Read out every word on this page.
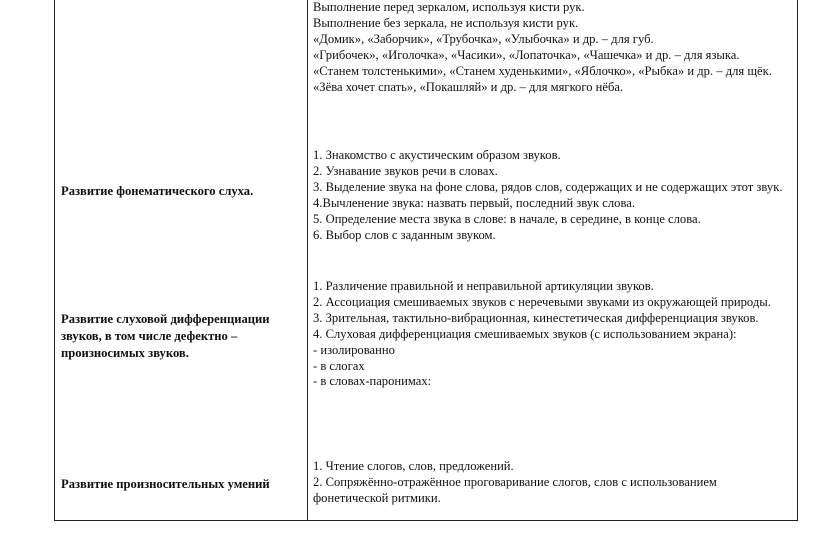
Развитие фонематического слуха.
Развитие слуховой дифференциации звуков, в том числе дефектно –произносимых звуков.
Развитие произносительных умений
Выполнение перед зеркалом, используя кисти рук.
Выполнение без зеркала, не используя кисти рук.
«Домик», «Заборчик», «Трубочка», «Улыбочка» и др. – для губ.
«Грибочек», «Иголочка», «Часики», «Лопаточка», «Чашечка» и др. – для языка.
«Станем толстенькими», «Станем худенькими», «Яблочко», «Рыбка» и др. – для щёк.
«Зёва хочет спать», «Покашляй» и др. – для мягкого нёба.
1. Знакомство с акустическим образом звуков.
2. Узнавание звуков речи в словах.
3. Выделение звука на фоне слова, рядов слов, содержащих и не содержащих этот звук.
4.Вычленение звука: назвать первый, последний звук слова.
5. Определение места звука в слове: в начале, в середине, в конце слова.
6. Выбор слов с заданным звуком.
1. Различение правильной и неправильной артикуляции звуков.
2. Ассоциация смешиваемых звуков с неречевыми звуками из окружающей природы.
3. Зрительная, тактильно-вибрационная, кинестетическая дифференциация звуков.
4. Слуховая дифференциация смешиваемых звуков (с использованием экрана):
- изолированно
- в слогах
- в словах-паронимах:
1. Чтение слогов, слов, предложений.
2. Сопряжённо-отражённое проговаривание слогов, слов с использованием фонетической ритмики.
